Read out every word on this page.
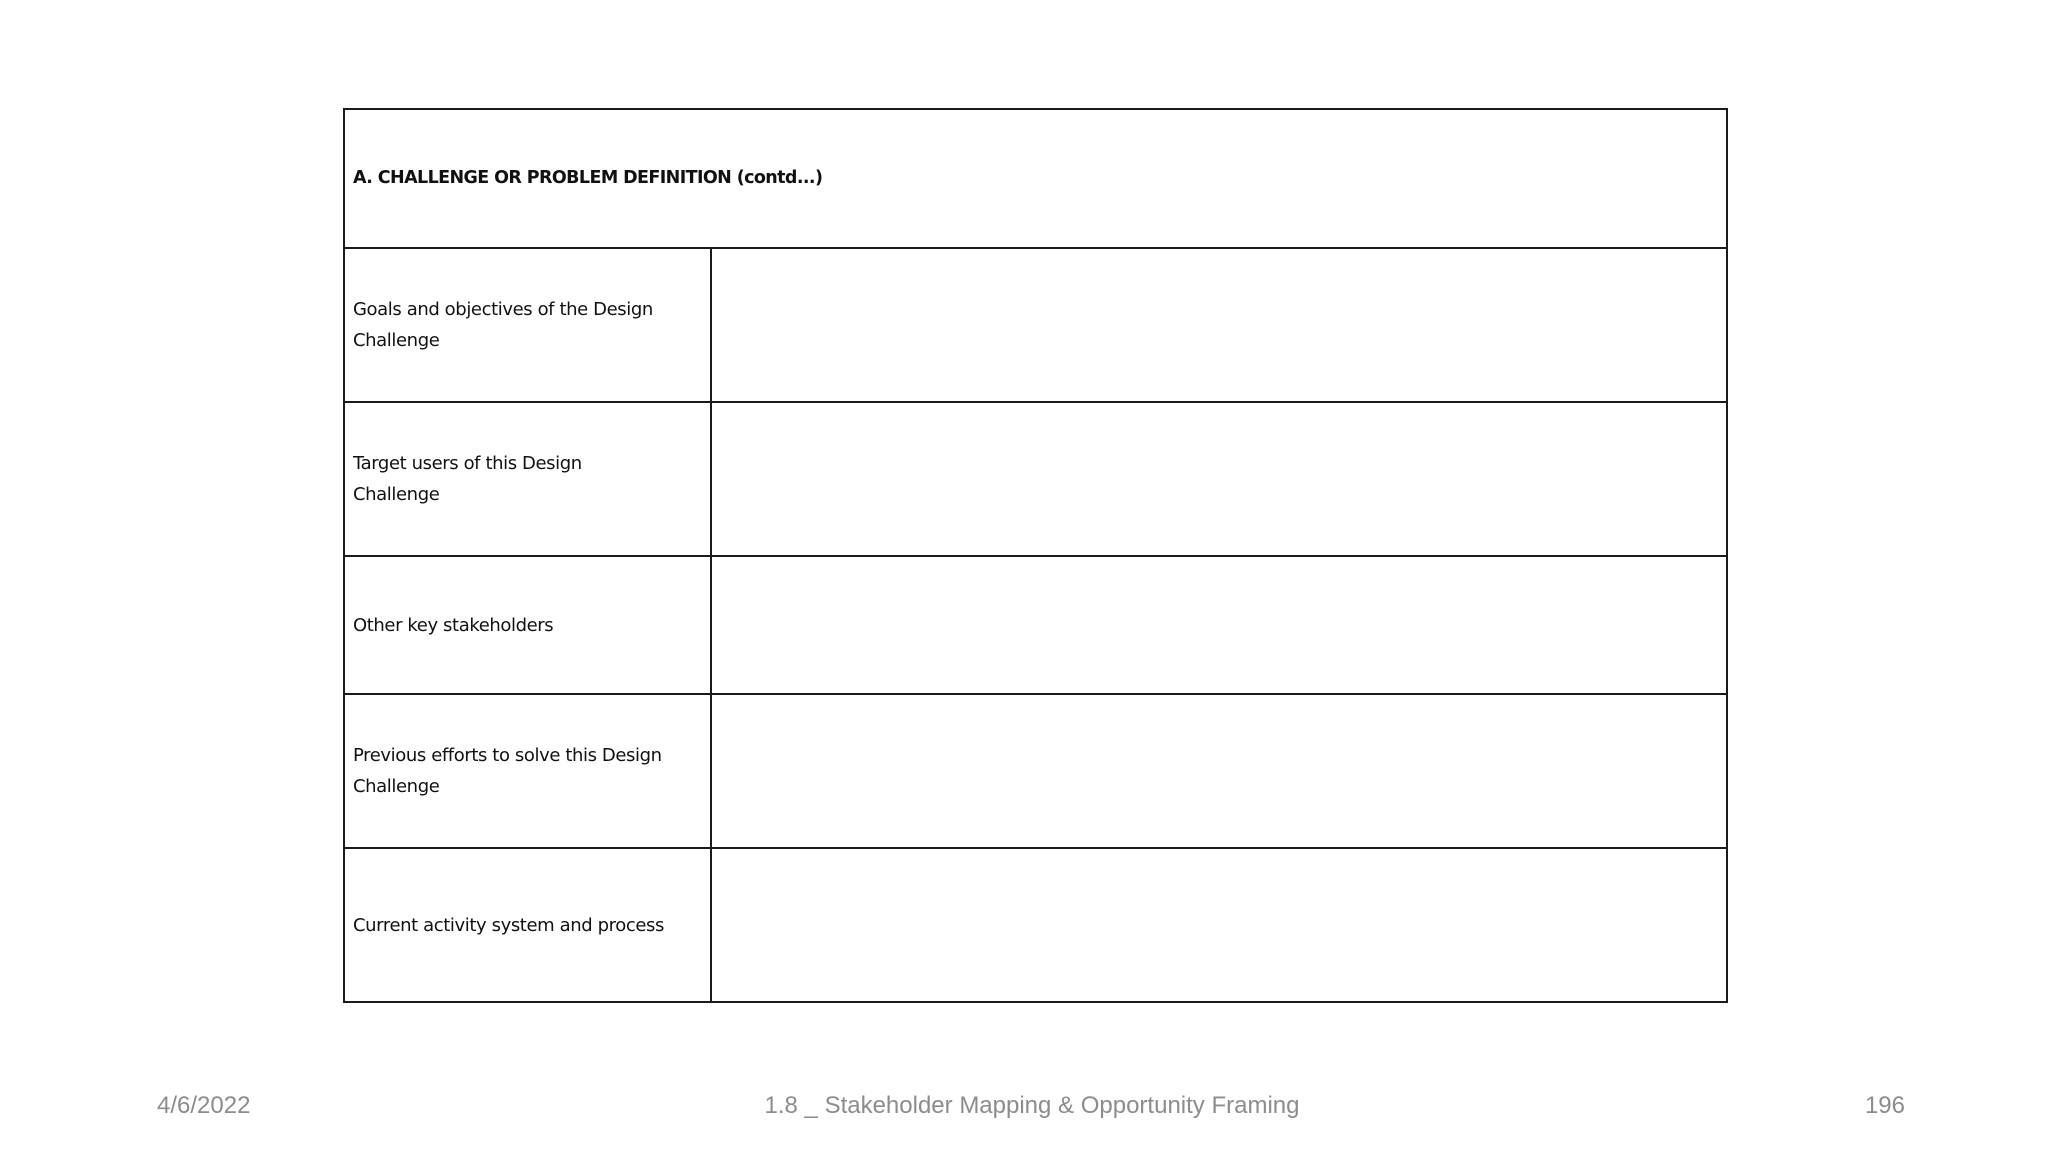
A. CHALLENGE OR PROBLEM DEFINITION (contd...)	
Goals and objectives of the Design Challenge	
Target users of this Design Challenge	
Other key stakeholders	
Previous efforts to solve this Design Challenge	
Current activity system and process	
4/6/2022	1.8 _ Stakeholder Mapping & Opportunity Framing	196
